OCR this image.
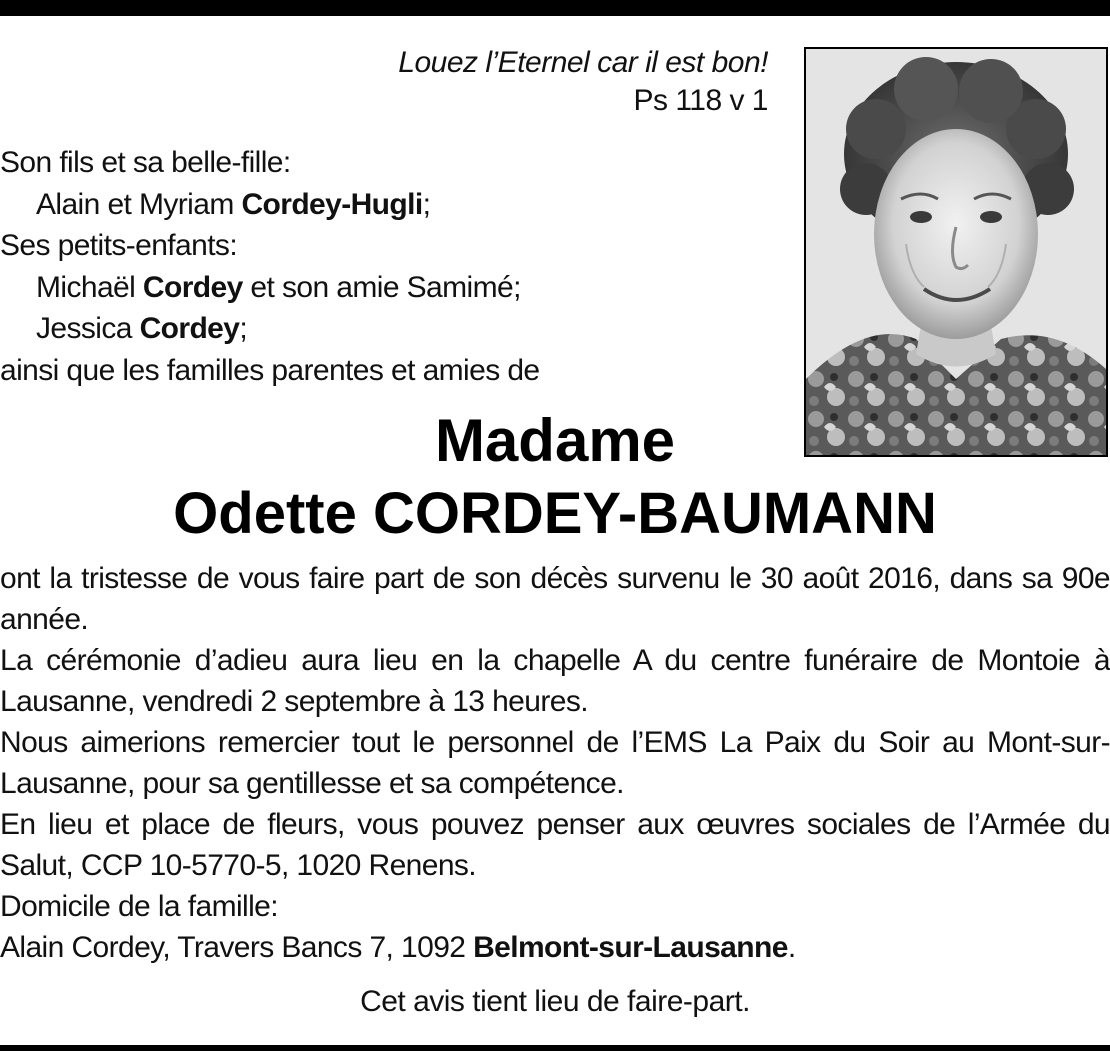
Louez l’Eternel car il est bon!
Ps 118 v 1
Son fils et sa belle-fille:
Alain et Myriam Cordey-Hugli;
Ses petits-enfants:
Michaël Cordey et son amie Samimé;
Jessica Cordey;
ainsi que les familles parentes et amies de
Madame
Odette CORDEY-BAUMANN

ont la tristesse de vous faire part de son décès survenu le 30 août 2016, dans sa 90e année.

La cérémonie d’adieu aura lieu en la chapelle A du centre funéraire de Montoie à Lausanne, vendredi 2 septembre à 13 heures.

Nous aimerions remercier tout le personnel de l’EMS La Paix du Soir au Mont-sur-Lausanne, pour sa gentillesse et sa compétence.

En lieu et place de fleurs, vous pouvez penser aux œuvres sociales de l’Armée du Salut, CCP 10-5770-5, 1020 Renens.

Domicile de la famille:

Alain Cordey, Travers Bancs 7, 1092 Belmont-sur-Lausanne.

Cet avis tient lieu de faire-part.
